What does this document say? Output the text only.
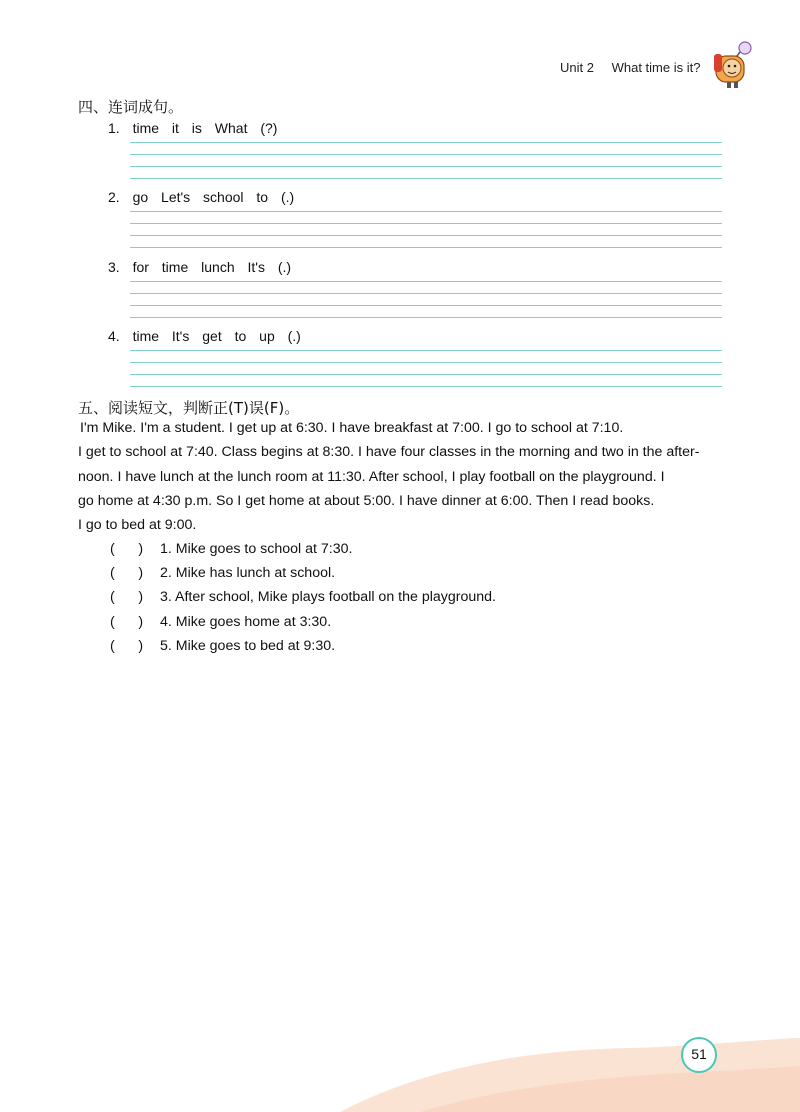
Unit 2 What time is it?
四、连词成句。
1. time it is What (?)
2. go Let's school to (.)
3. for time lunch It's (.)
4. time It's get to up (.)
五、阅读短文，判断正(T)误(F)。

I'm Mike. I'm a student. I get up at 6:30. I have breakfast at 7:00. I go to school at 7:10.

I get to school at 7:40. Class begins at 8:30. I have four classes in the morning and two in the after-

noon. I have lunch at the lunch room at 11:30. After school, I play football on the playground. I

go home at 4:30 p.m. So I get home at about 5:00. I have dinner at 6:00. Then I read books.

I go to bed at 9:00.

(      )	1. Mike goes to school at 7:30.
(      )	2. Mike has lunch at school.
(      )	3. After school, Mike plays football on the playground.
(      )	4. Mike goes home at 3:30.
(      )	5. Mike goes to bed at 9:30.
51
